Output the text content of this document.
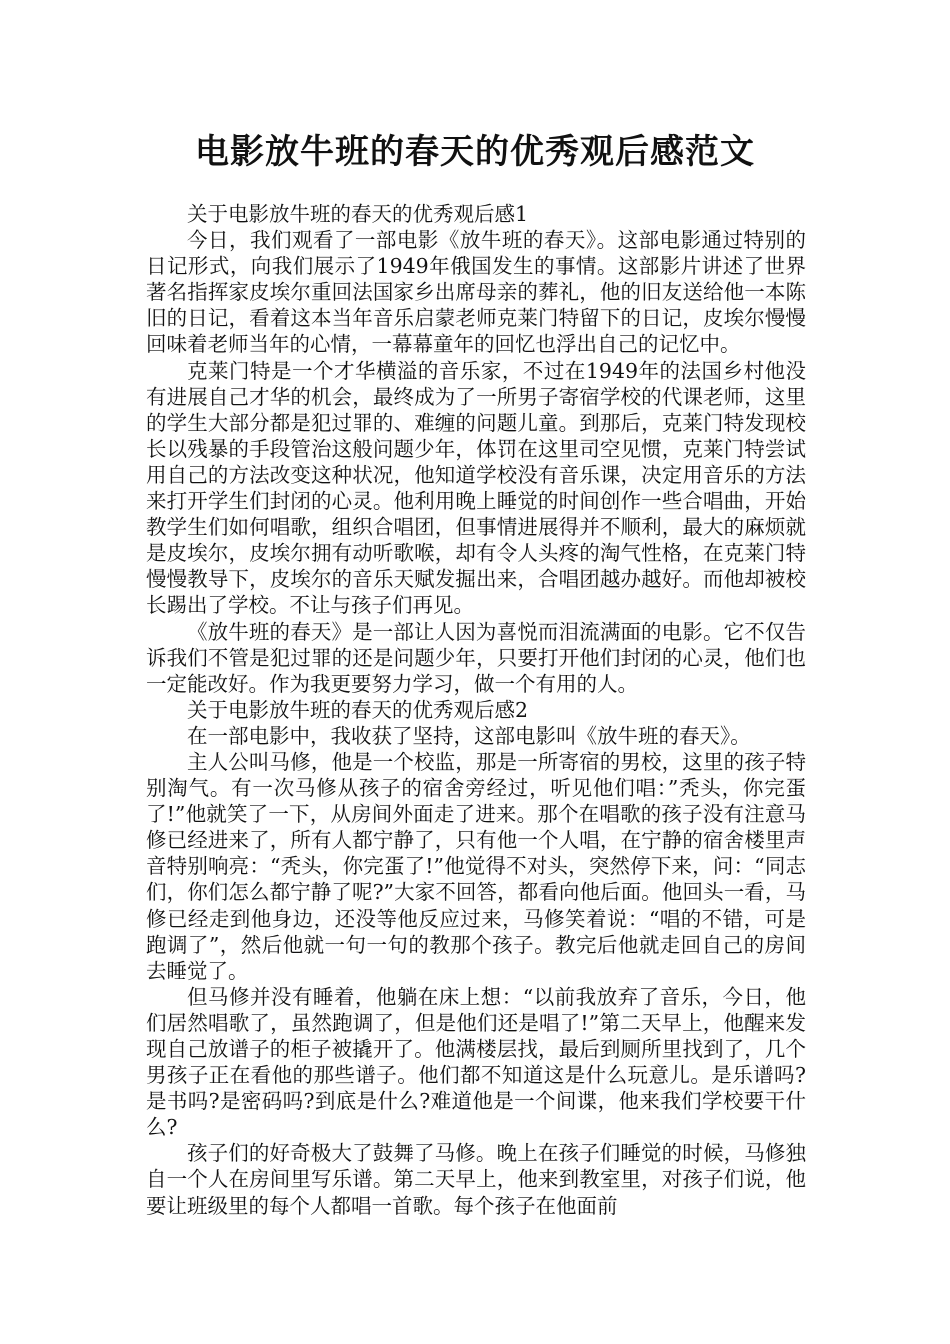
电影放牛班的春天的优秀观后感范文

关于电影放牛班的春天的优秀观后感1

今日，我们观看了一部电影《放牛班的春天》。这部电影通过特别的日记形式，向我们展示了1949年俄国发生的事情。这部影片讲述了世界著名指挥家皮埃尔重回法国家乡出席母亲的葬礼，他的旧友送给他一本陈旧的日记，看着这本当年音乐启蒙老师克莱门特留下的日记，皮埃尔慢慢回味着老师当年的心情，一幕幕童年的回忆也浮出自己的记忆中。

克莱门特是一个才华横溢的音乐家，不过在1949年的法国乡村他没有进展自己才华的机会，最终成为了一所男子寄宿学校的代课老师，这里的学生大部分都是犯过罪的、难缠的问题儿童。到那后，克莱门特发现校长以残暴的手段管治这般问题少年，体罚在这里司空见惯，克莱门特尝试用自己的方法改变这种状况，他知道学校没有音乐课，决定用音乐的方法来打开学生们封闭的心灵。他利用晚上睡觉的时间创作一些合唱曲，开始教学生们如何唱歌，组织合唱团，但事情进展得并不顺利，最大的麻烦就是皮埃尔，皮埃尔拥有动听歌喉，却有令人头疼的淘气性格，在克莱门特慢慢教导下，皮埃尔的音乐天赋发掘出来，合唱团越办越好。而他却被校长踢出了学校。不让与孩子们再见。

《放牛班的春天》是一部让人因为喜悦而泪流满面的电影。它不仅告诉我们不管是犯过罪的还是问题少年，只要打开他们封闭的心灵，他们也一定能改好。作为我更要努力学习，做一个有用的人。

关于电影放牛班的春天的优秀观后感2

在一部电影中，我收获了坚持，这部电影叫《放牛班的春天》。

主人公叫马修，他是一个校监，那是一所寄宿的男校，这里的孩子特别淘气。有一次马修从孩子的宿舍旁经过，听见他们唱：”秃头，你完蛋了!”他就笑了一下，从房间外面走了进来。那个在唱歌的孩子没有注意马修已经进来了，所有人都宁静了，只有他一个人唱，在宁静的宿舍楼里声音特别响亮：“秃头，你完蛋了!”他觉得不对头，突然停下来，问：“同志们，你们怎么都宁静了呢?”大家不回答，都看向他后面。他回头一看，马修已经走到他身边，还没等他反应过来，马修笑着说：“唱的不错，可是跑调了”，然后他就一句一句的教那个孩子。教完后他就走回自己的房间去睡觉了。

但马修并没有睡着，他躺在床上想：“以前我放弃了音乐，今日，他们居然唱歌了，虽然跑调了，但是他们还是唱了!”第二天早上，他醒来发现自己放谱子的柜子被撬开了。他满楼层找，最后到厕所里找到了，几个男孩子正在看他的那些谱子。他们都不知道这是什么玩意儿。是乐谱吗?是书吗?是密码吗?到底是什么?难道他是一个间谍，他来我们学校要干什么?

孩子们的好奇极大了鼓舞了马修。晚上在孩子们睡觉的时候，马修独自一个人在房间里写乐谱。第二天早上，他来到教室里，对孩子们说，他要让班级里的每个人都唱一首歌。每个孩子在他面前
